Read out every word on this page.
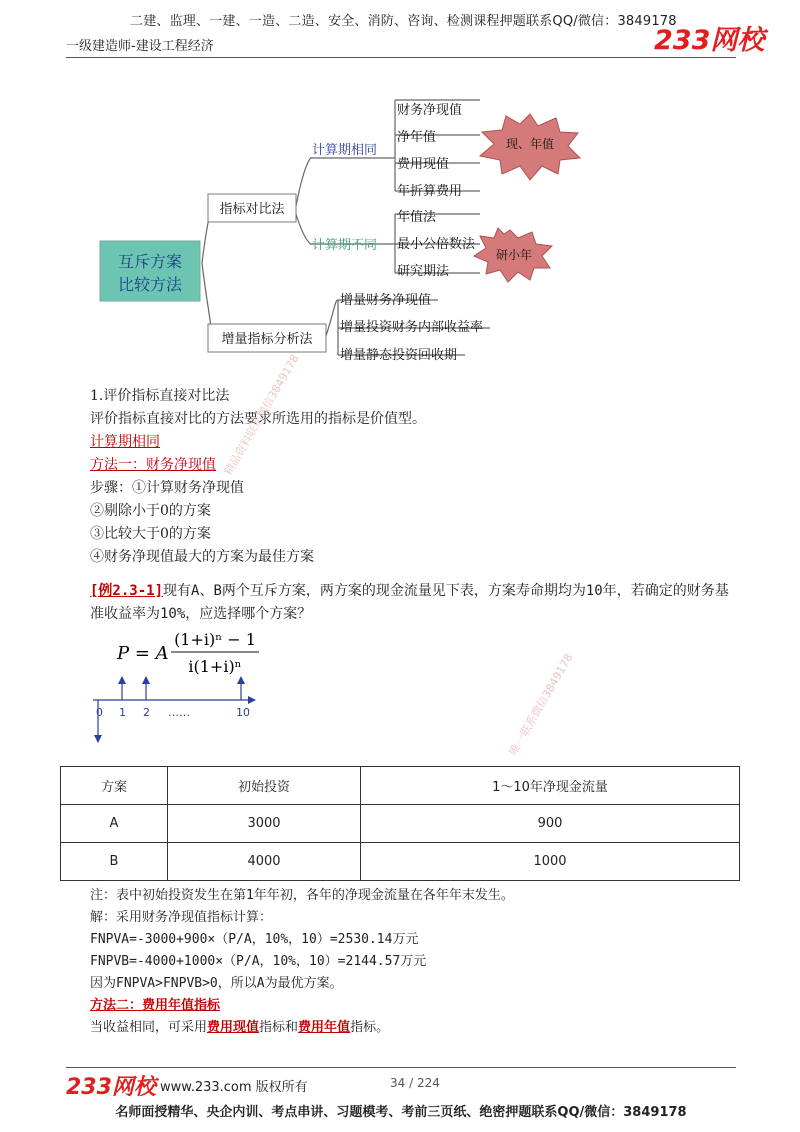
二建、监理、一建、一造、二造、安全、消防、咨询、检测课程押题联系QQ/微信：3849178
一级建造师-建设工程经济	233网校
互斥方案
比较方法
指标对比法
增量指标分析法
计算期相同
计算期不同
财务净现值
净年值
费用现值
年折算费用
年值法
最小公倍数法
研究期法
增量财务净现值
增量投资财务内部收益率
增量静态投资回收期
现、年值
研小年
1.评价指标直接对比法
评价指标直接对比的方法要求所选用的指标是价值型。
计算期相同
方法一：财务净现值
步骤：①计算财务净现值
②剔除小于0的方案
③比较大于0的方案
④财务净现值最大的方案为最佳方案
[例2.3-1]现有A、B两个互斥方案，两方案的现金流量见下表，方案寿命期均为10年，若确定的财务基准收益率为10%，应选择哪个方案？
P = A
(1+i)ⁿ − 1
i(1+i)ⁿ
0 1 2 ……	10
方案	初始投资	1～10年净现金流量
A	3000	900
B	4000	1000
注：表中初始投资发生在第1年年初，各年的净现金流量在各年年末发生。
解：采用财务净现值指标计算：
FNPVA=-3000+900×（P/A，10%，10）=2530.14万元
FNPVB=-4000+1000×（P/A，10%，10）=2144.57万元
因为FNPVA>FNPVB>0，所以A为最优方案。
方法二：费用年值指标
当收益相同，可采用费用现值指标和费用年值指标。
精品资料联系微信3849178
唯一联系微信3849178
233网校 www.233.com 版权所有	34 / 224
名师面授精华、央企内训、考点串讲、习题模考、考前三页纸、绝密押题联系QQ/微信：3849178
